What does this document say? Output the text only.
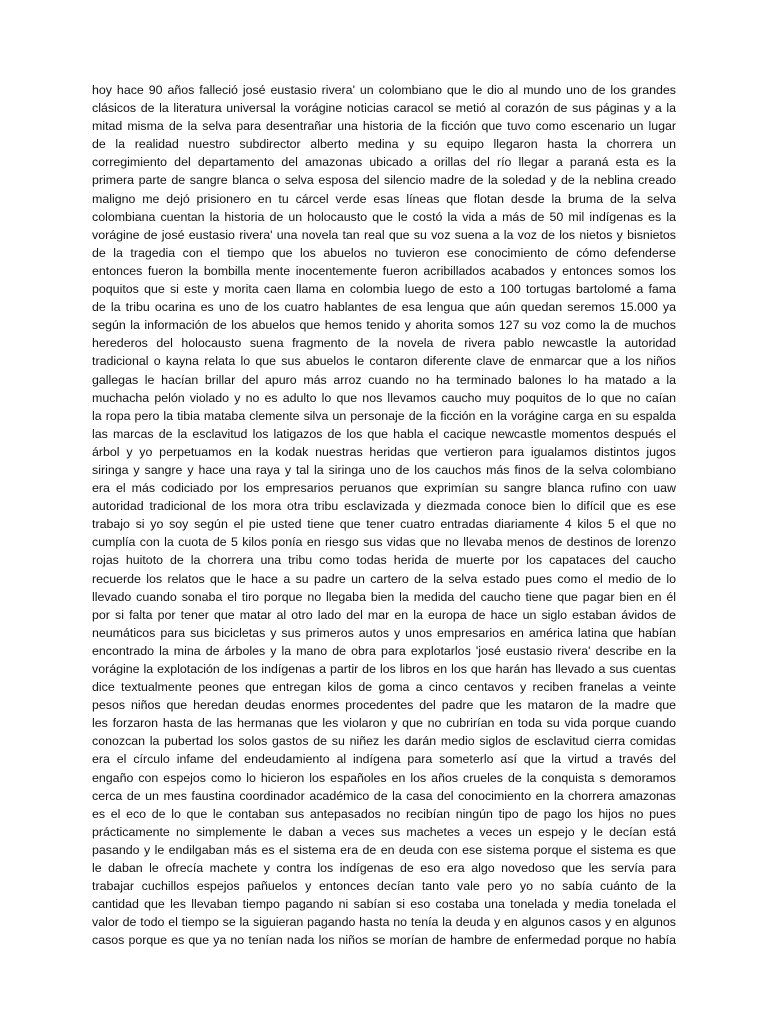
hoy hace 90 años falleció josé eustasio rivera' un colombiano que le dio al mundo uno de los grandes
clásicos de la literatura universal la vorágine noticias caracol se metió al corazón de sus páginas y a la
mitad misma de la selva para desentrañar una historia de la ficción que tuvo como escenario un lugar
de la realidad nuestro subdirector alberto medina y su equipo llegaron hasta la chorrera un
corregimiento del departamento del amazonas ubicado a orillas del río llegar a paraná esta es la
primera parte de sangre blanca o selva esposa del silencio madre de la soledad y de la neblina creado
maligno me dejó prisionero en tu cárcel verde esas líneas que flotan desde la bruma de la selva
colombiana cuentan la historia de un holocausto que le costó la vida a más de 50 mil indígenas es la
vorágine de josé eustasio rivera' una novela tan real que su voz suena a la voz de los nietos y bisnietos
de la tragedia con el tiempo que los abuelos no tuvieron ese conocimiento de cómo defenderse
entonces fueron la bombilla mente inocentemente fueron acribillados acabados y entonces somos los
poquitos que si este y morita caen llama en colombia luego de esto a 100 tortugas bartolomé a fama
de la tribu ocarina es uno de los cuatro hablantes de esa lengua que aún quedan seremos 15.000 ya
según la información de los abuelos que hemos tenido y ahorita somos 127 su voz como la de muchos
herederos del holocausto suena fragmento de la novela de rivera pablo newcastle la autoridad
tradicional o kayna relata lo que sus abuelos le contaron diferente clave de enmarcar que a los niños
gallegas le hacían brillar del apuro más arroz cuando no ha terminado balones lo ha matado a la
muchacha pelón violado y no es adulto lo que nos llevamos caucho muy poquitos de lo que no caían
la ropa pero la tibia mataba clemente silva un personaje de la ficción en la vorágine carga en su espalda
las marcas de la esclavitud los latigazos de los que habla el cacique newcastle momentos después el
árbol y yo perpetuamos en la kodak nuestras heridas que vertieron para igualamos distintos jugos
siringa y sangre y hace una raya y tal la siringa uno de los cauchos más finos de la selva colombiano
era el más codiciado por los empresarios peruanos que exprimían su sangre blanca rufino con uaw
autoridad tradicional de los mora otra tribu esclavizada y diezmada conoce bien lo difícil que es ese
trabajo si yo soy según el pie usted tiene que tener cuatro entradas diariamente 4 kilos 5 el que no
cumplía con la cuota de 5 kilos ponía en riesgo sus vidas que no llevaba menos de destinos de lorenzo
rojas huitoto de la chorrera una tribu como todas herida de muerte por los capataces del caucho
recuerde los relatos que le hace a su padre un cartero de la selva estado pues como el medio de lo
llevado cuando sonaba el tiro porque no llegaba bien la medida del caucho tiene que pagar bien en él
por si falta por tener que matar al otro lado del mar en la europa de hace un siglo estaban ávidos de
neumáticos para sus bicicletas y sus primeros autos y unos empresarios en américa latina que habían
encontrado la mina de árboles y la mano de obra para explotarlos 'josé eustasio rivera' describe en la
vorágine la explotación de los indígenas a partir de los libros en los que harán has llevado a sus cuentas
dice textualmente peones que entregan kilos de goma a cinco centavos y reciben franelas a veinte
pesos niños que heredan deudas enormes procedentes del padre que les mataron de la madre que
les forzaron hasta de las hermanas que les violaron y que no cubrirían en toda su vida porque cuando
conozcan la pubertad los solos gastos de su niñez les darán medio siglos de esclavitud cierra comidas
era el círculo infame del endeudamiento al indígena para someterlo así que la virtud a través del
engaño con espejos como lo hicieron los españoles en los años crueles de la conquista s demoramos
cerca de un mes faustina coordinador académico de la casa del conocimiento en la chorrera amazonas
es el eco de lo que le contaban sus antepasados no recibían ningún tipo de pago los hijos no pues
prácticamente no simplemente le daban a veces sus machetes a veces un espejo y le decían está
pasando y le endilgaban más es el sistema era de en deuda con ese sistema porque el sistema es que
le daban le ofrecía machete y contra los indígenas de eso era algo novedoso que les servía para
trabajar cuchillos espejos pañuelos y entonces decían tanto vale pero yo no sabía cuánto de la
cantidad que les llevaban tiempo pagando ni sabían si eso costaba una tonelada y media tonelada el
valor de todo el tiempo se la siguieran pagando hasta no tenía la deuda y en algunos casos y en algunos
casos porque es que ya no tenían nada los niños se morían de hambre de enfermedad porque no había
